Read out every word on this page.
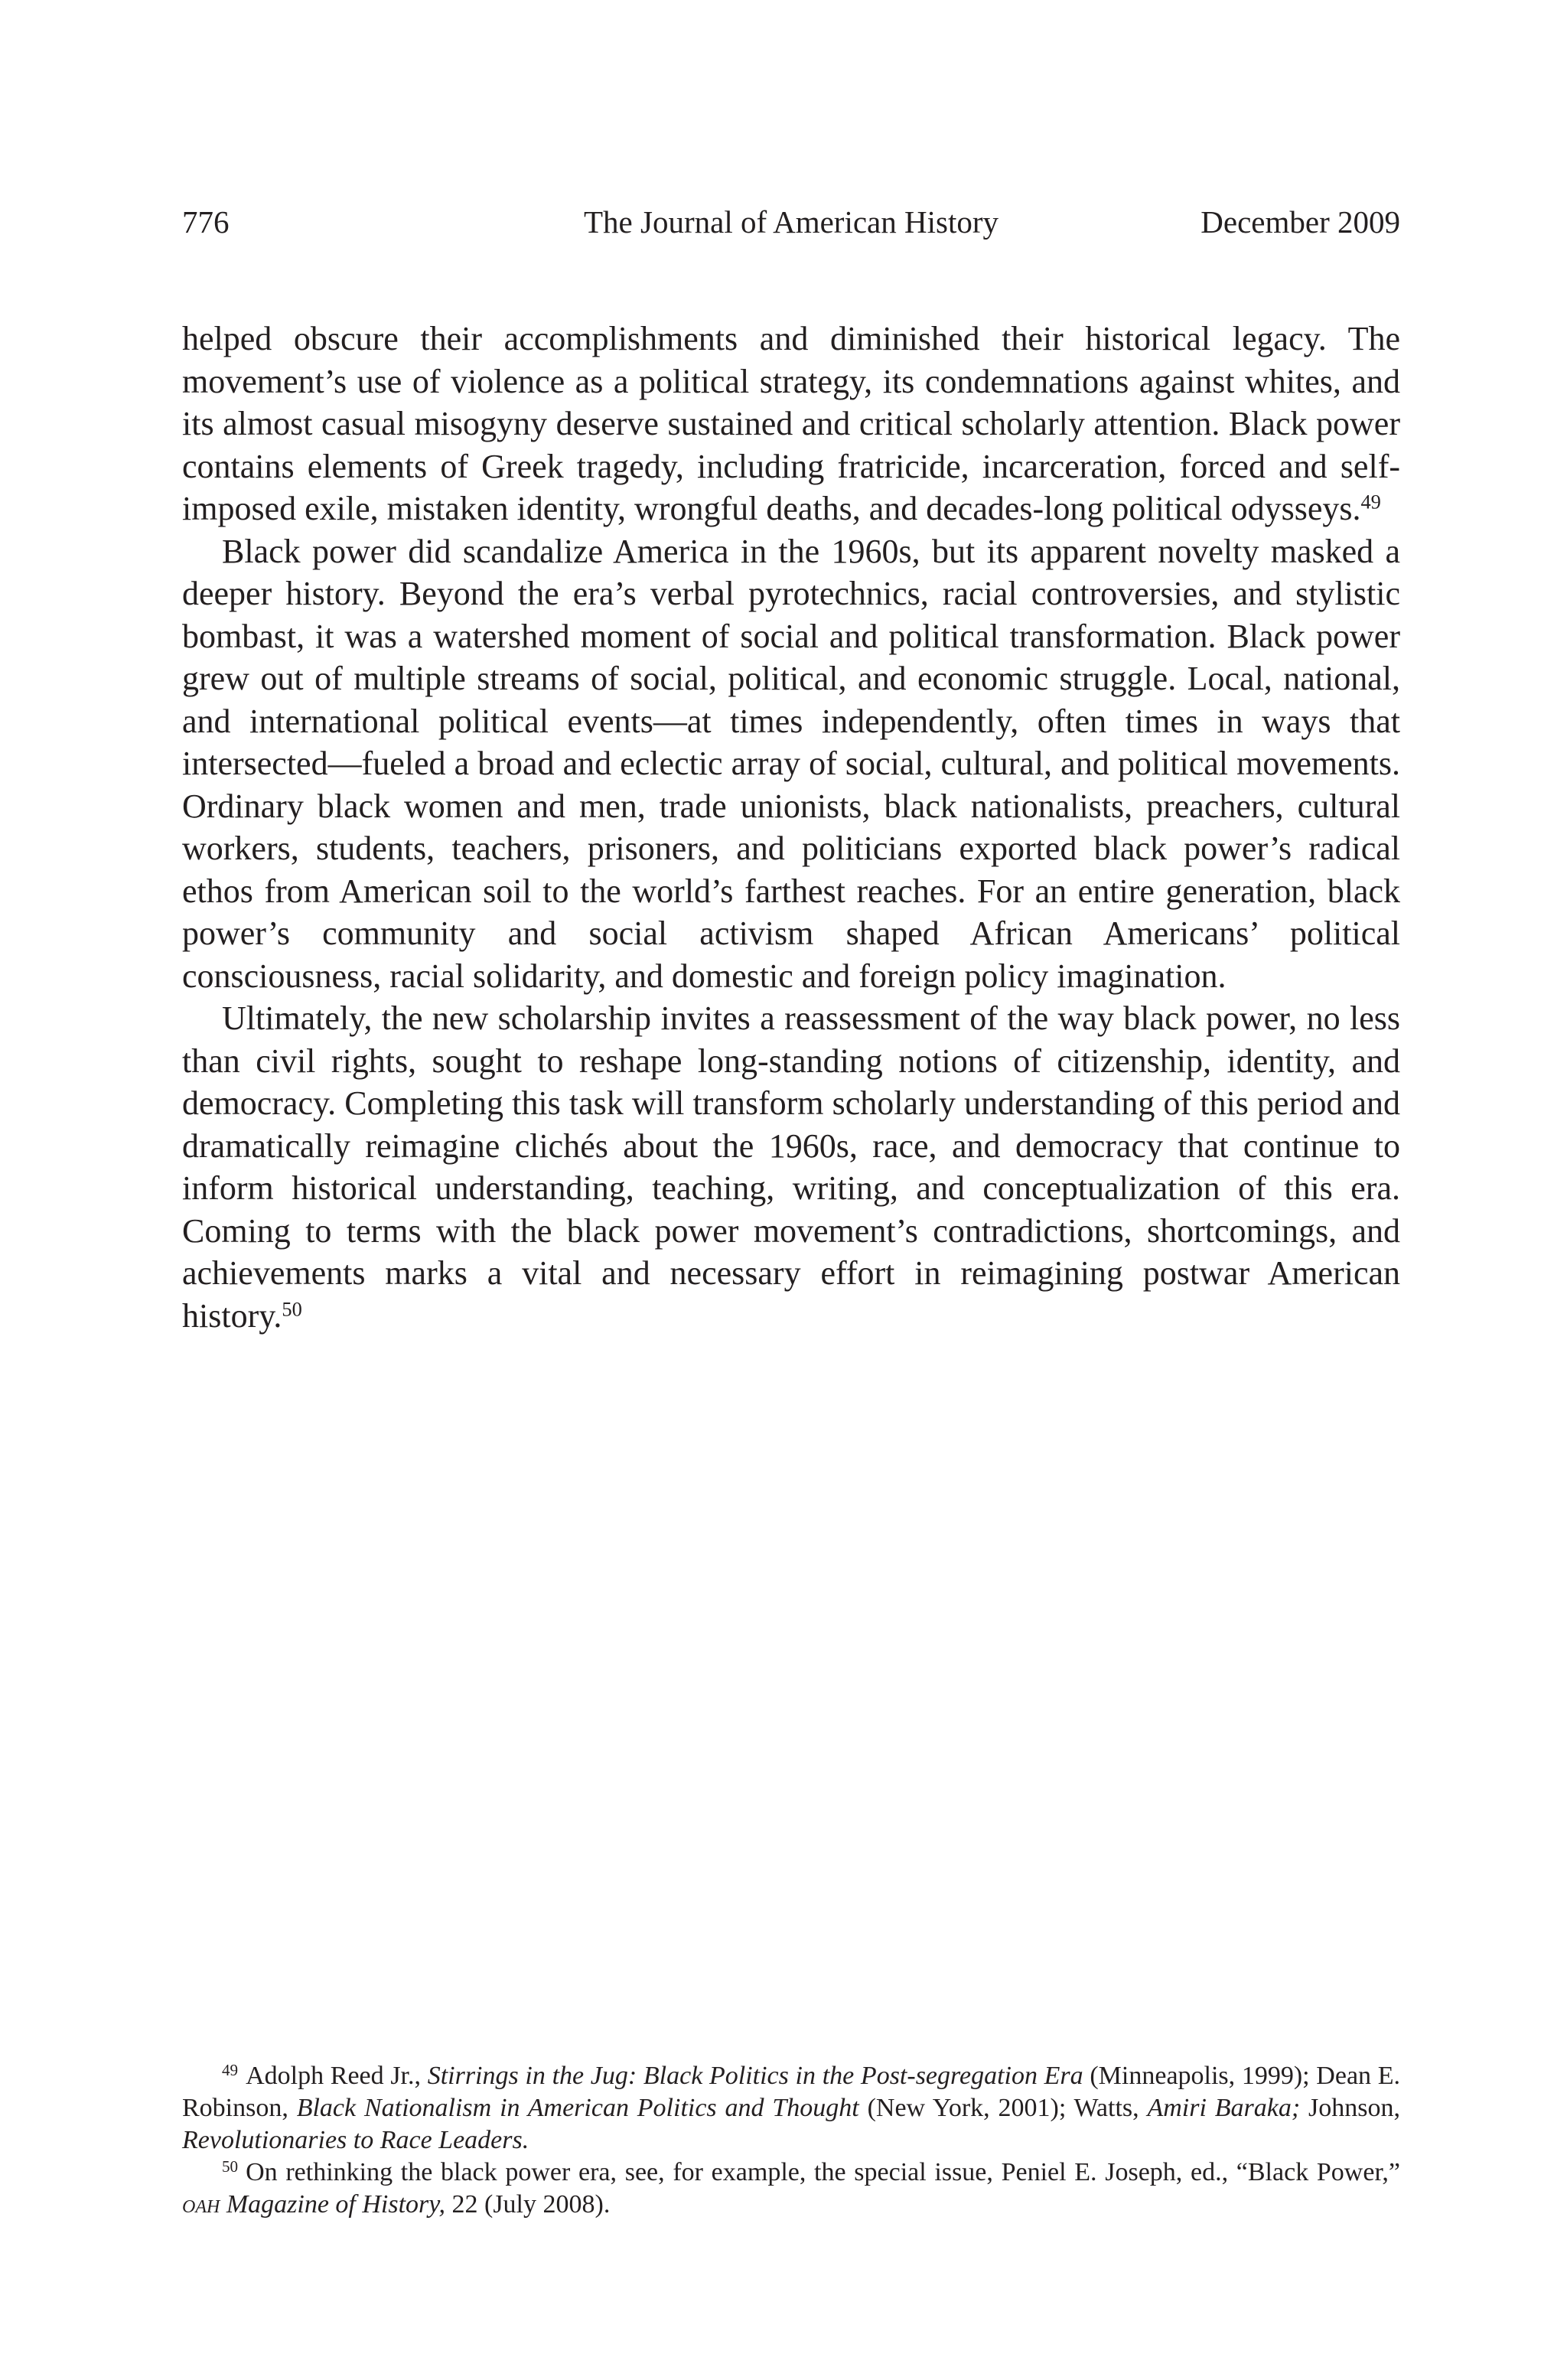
776	The Journal of American History	December 2009

helped obscure their accomplishments and diminished their historical legacy. The movement’s use of violence as a political strategy, its condemnations against whites, and its almost casual misogyny deserve sustained and critical scholarly attention. Black power contains elements of Greek tragedy, including fratricide, incarceration, forced and self-imposed exile, mistaken identity, wrongful deaths, and decades-long political odysseys.$^{49}$

Black power did scandalize America in the 1960s, but its apparent novelty masked a deeper history. Beyond the era’s verbal pyrotechnics, racial controversies, and stylistic bombast, it was a watershed moment of social and political transformation. Black power grew out of multiple streams of social, political, and economic struggle. Local, national, and international political events—at times independently, often times in ways that intersected—fueled a broad and eclectic array of social, cultural, and political movements. Ordinary black women and men, trade unionists, black nationalists, preachers, cultural workers, students, teachers, prisoners, and politicians exported black power’s radical ethos from American soil to the world’s farthest reaches. For an entire generation, black power’s community and social activism shaped African Americans’ political consciousness, racial solidarity, and domestic and foreign policy imagination.

Ultimately, the new scholarship invites a reassessment of the way black power, no less than civil rights, sought to reshape long-standing notions of citizenship, identity, and democracy. Completing this task will transform scholarly understanding of this period and dramatically reimagine clichés about the 1960s, race, and democracy that continue to inform historical understanding, teaching, writing, and conceptualization of this era. Coming to terms with the black power movement’s contradictions, shortcomings, and achievements marks a vital and necessary effort in reimagining postwar American history.$^{50}$

$^{49}$ Adolph Reed Jr., Stirrings in the Jug: Black Politics in the Post-segregation Era (Minneapolis, 1999); Dean E. Robinson, Black Nationalism in American Politics and Thought (New York, 2001); Watts, Amiri Baraka; Johnson, Revolutionaries to Race Leaders.

$^{50}$ On rethinking the black power era, see, for example, the special issue, Peniel E. Joseph, ed., “Black Power,” oah Magazine of History, 22 (July 2008).
